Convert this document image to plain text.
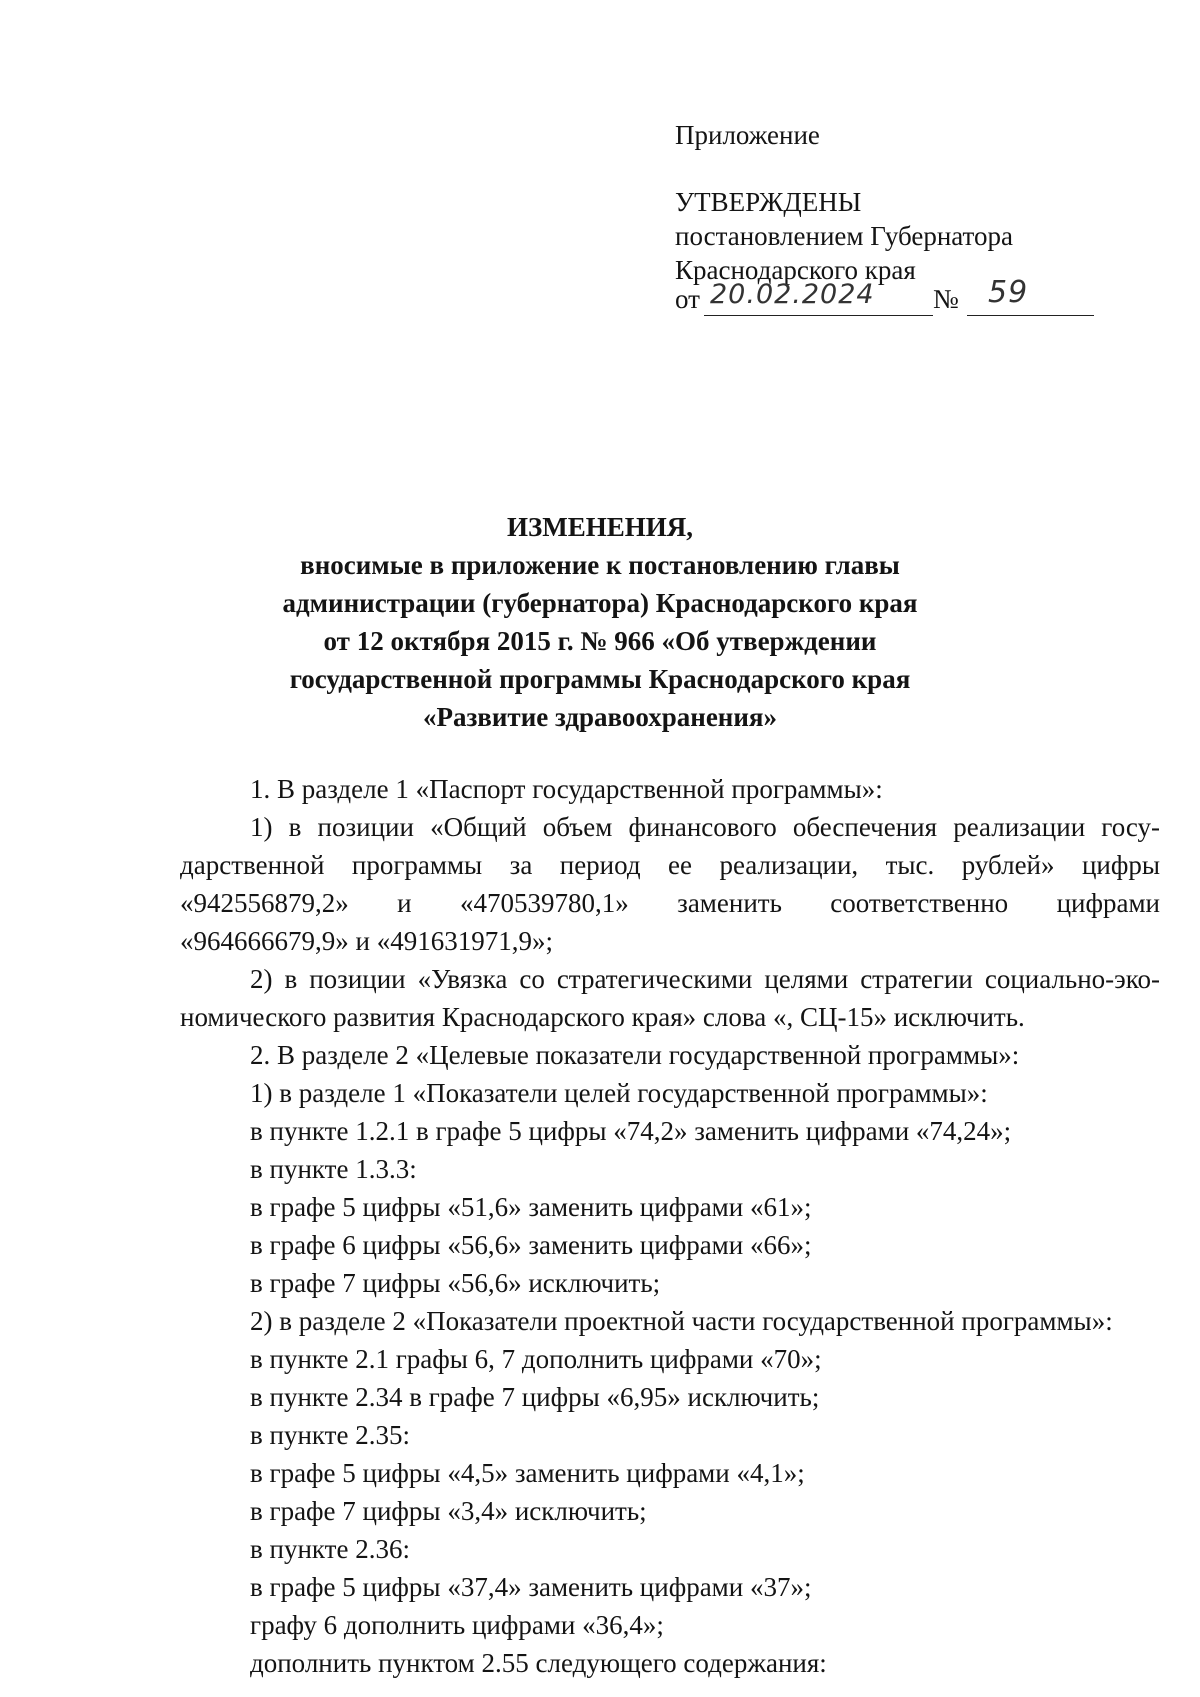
Приложение
УТВЕРЖДЕНЫ
постановлением Губернатора
Краснодарского края
от 20.02.2024 № 59
ИЗМЕНЕНИЯ,
вносимые в приложение к постановлению главы
администрации (губернатора) Краснодарского края
от 12 октября 2015 г. № 966 «Об утверждении
государственной программы Краснодарского края
«Развитие здравоохранения»
1. В разделе 1 «Паспорт государственной программы»:
1) в позиции «Общий объем финансового обеспечения реализации госу-
дарственной программы за период ее реализации, тыс. рублей» цифры
«942556879,2» и «470539780,1» заменить соответственно цифрами
«964666679,9» и «491631971,9»;
2) в позиции «Увязка со стратегическими целями стратегии социально-эко-
номического развития Краснодарского края» слова «, СЦ-15» исключить.
2. В разделе 2 «Целевые показатели государственной программы»:
1) в разделе 1 «Показатели целей государственной программы»:
в пункте 1.2.1 в графе 5 цифры «74,2» заменить цифрами «74,24»;
в пункте 1.3.3:
в графе 5 цифры «51,6» заменить цифрами «61»;
в графе 6 цифры «56,6» заменить цифрами «66»;
в графе 7 цифры «56,6» исключить;
2) в разделе 2 «Показатели проектной части государственной программы»:
в пункте 2.1 графы 6, 7 дополнить цифрами «70»;
в пункте 2.34 в графе 7 цифры «6,95» исключить;
в пункте 2.35:
в графе 5 цифры «4,5» заменить цифрами «4,1»;
в графе 7 цифры «3,4» исключить;
в пункте 2.36:
в графе 5 цифры «37,4» заменить цифрами «37»;
графу 6 дополнить цифрами «36,4»;
дополнить пунктом 2.55 следующего содержания:
